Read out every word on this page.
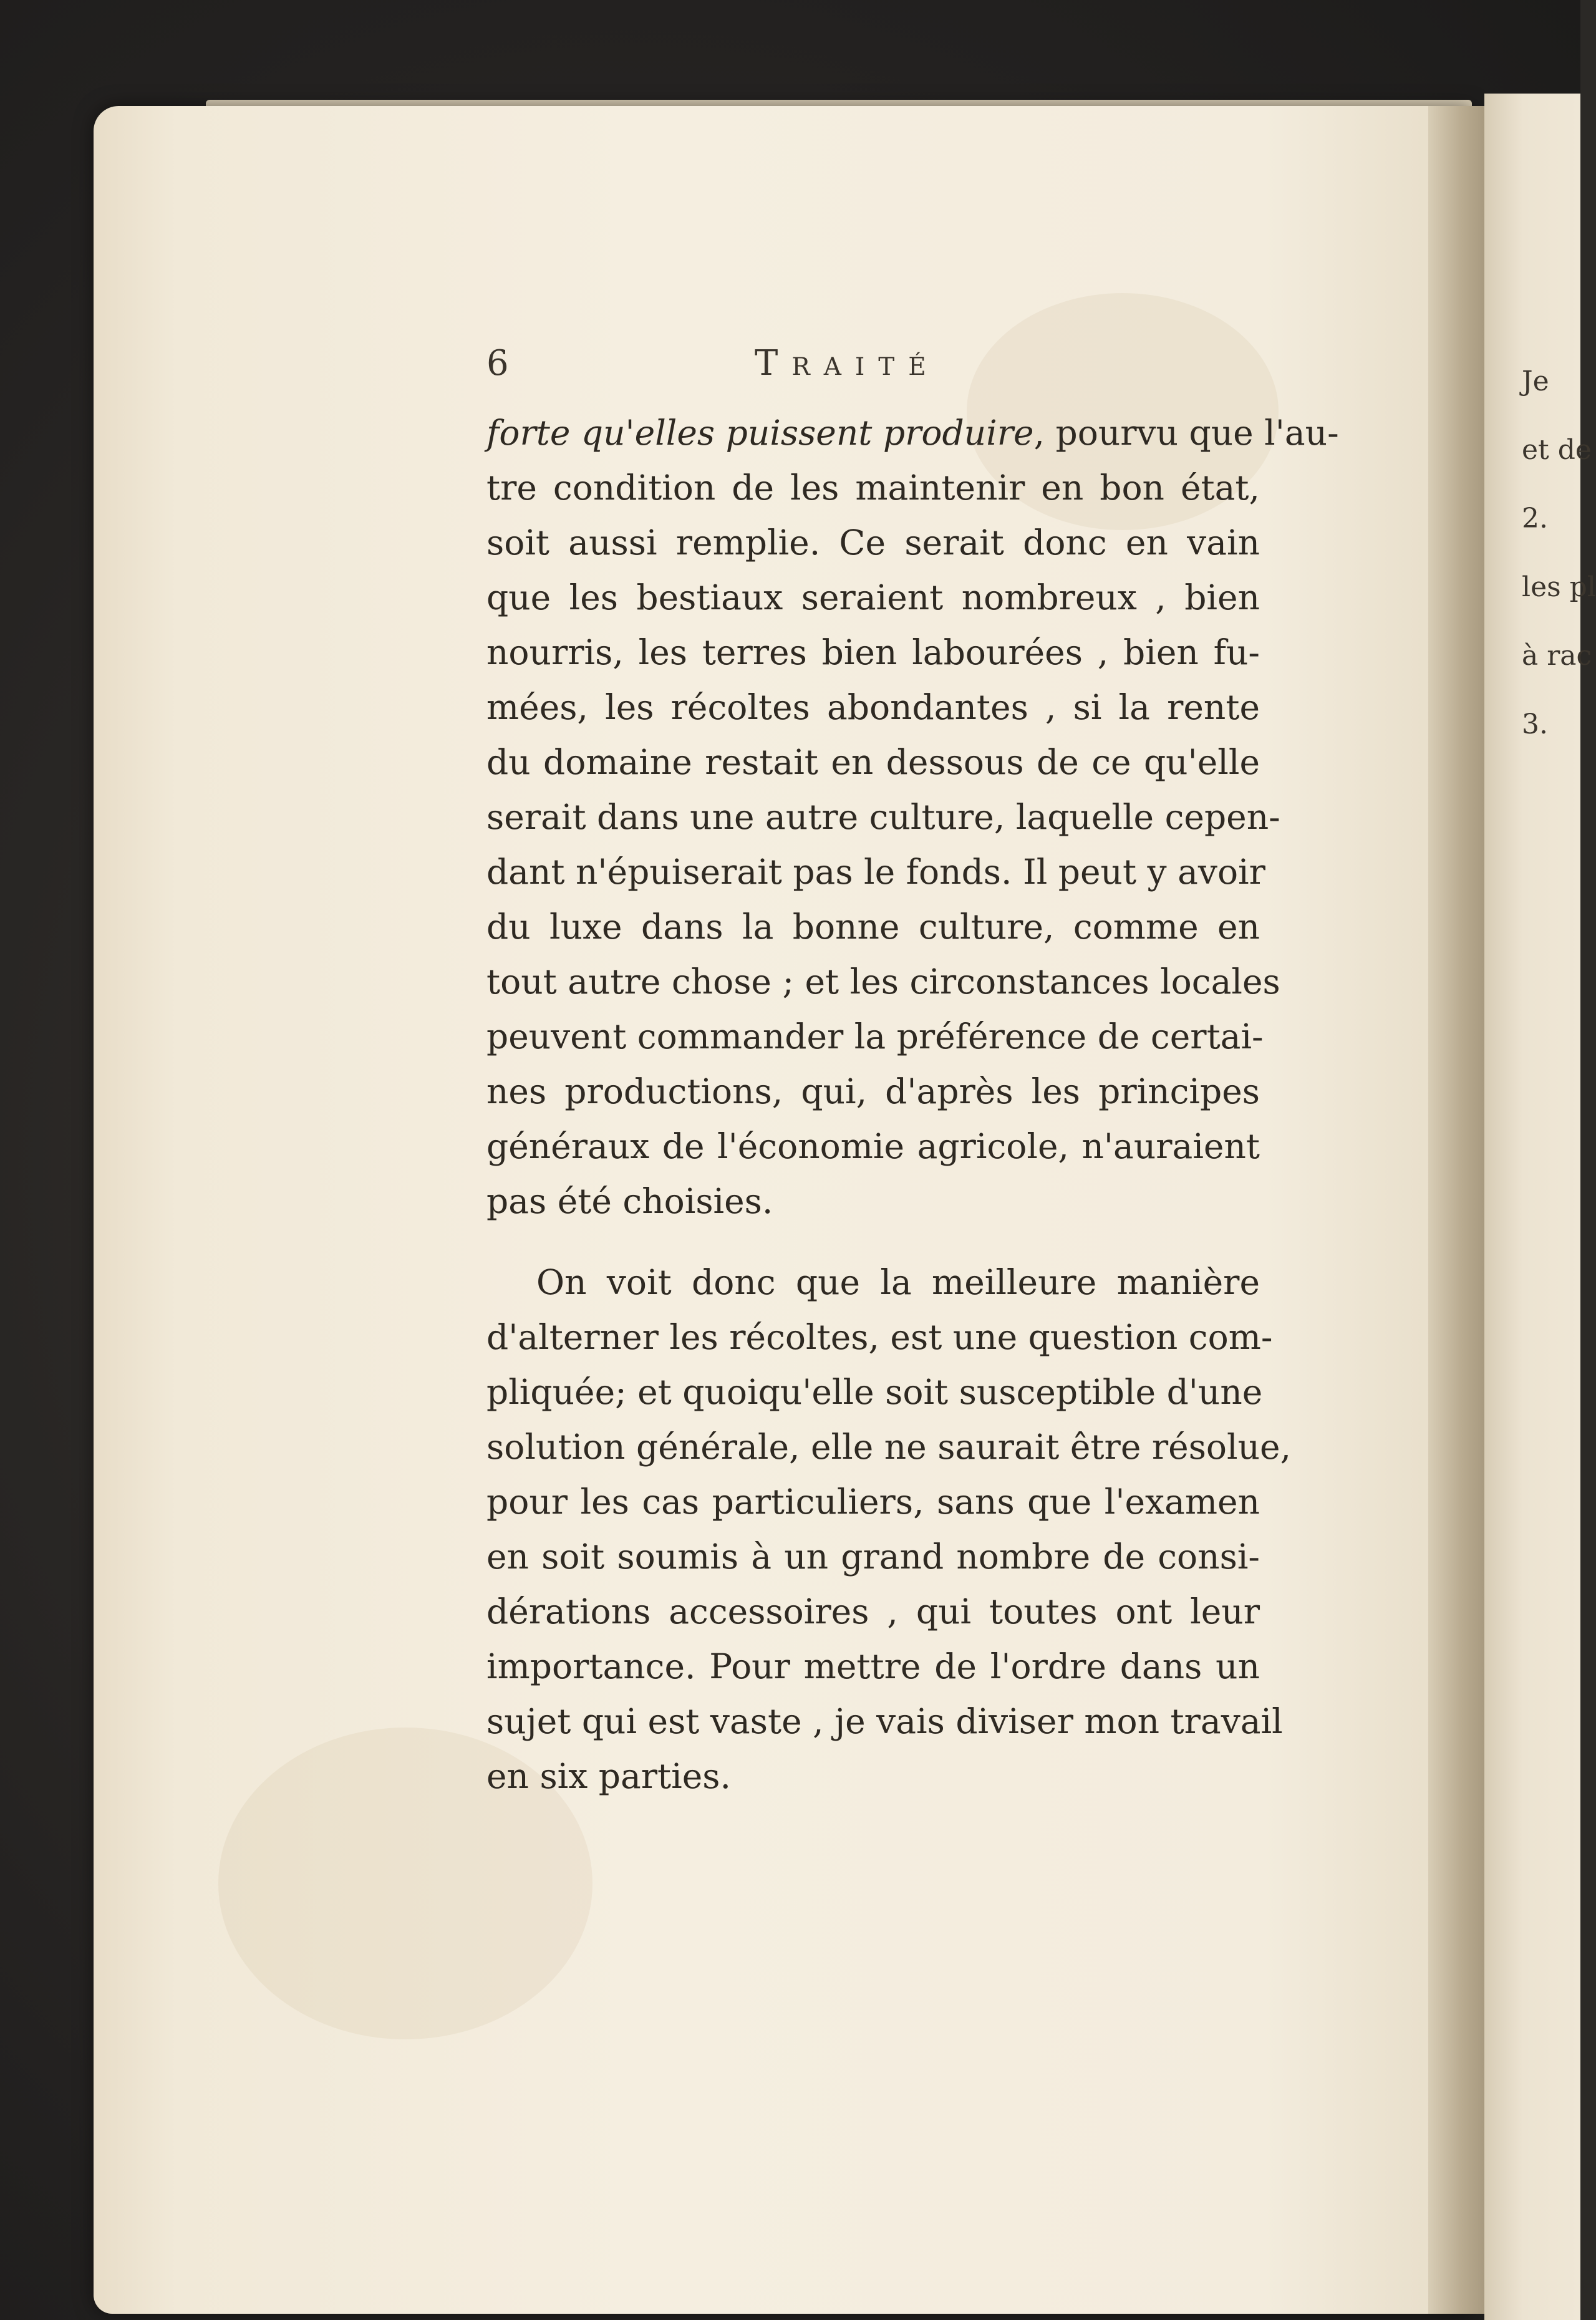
Je
et de
2.
les pl
à rac
3.
6	Traité
forte qu'elles puissent produire, pourvu que l'au-
tre condition de les maintenir en bon état,
soit aussi remplie. Ce serait donc en vain
que les bestiaux seraient nombreux , bien
nourris, les terres bien labourées , bien fu-
mées, les récoltes abondantes , si la rente
du domaine restait en dessous de ce qu'elle
serait dans une autre culture, laquelle cepen-
dant n'épuiserait pas le fonds. Il peut y avoir
du luxe dans la bonne culture, comme en
tout autre chose ; et les circonstances locales
peuvent commander la préférence de certai-
nes productions, qui, d'après les principes
généraux de l'économie agricole, n'auraient
pas été choisies.
On voit donc que la meilleure manière
d'alterner les récoltes, est une question com-
pliquée; et quoiqu'elle soit susceptible d'une
solution générale, elle ne saurait être résolue,
pour les cas particuliers, sans que l'examen
en soit soumis à un grand nombre de consi-
dérations accessoires , qui toutes ont leur
importance. Pour mettre de l'ordre dans un
sujet qui est vaste , je vais diviser mon travail
en six parties.
